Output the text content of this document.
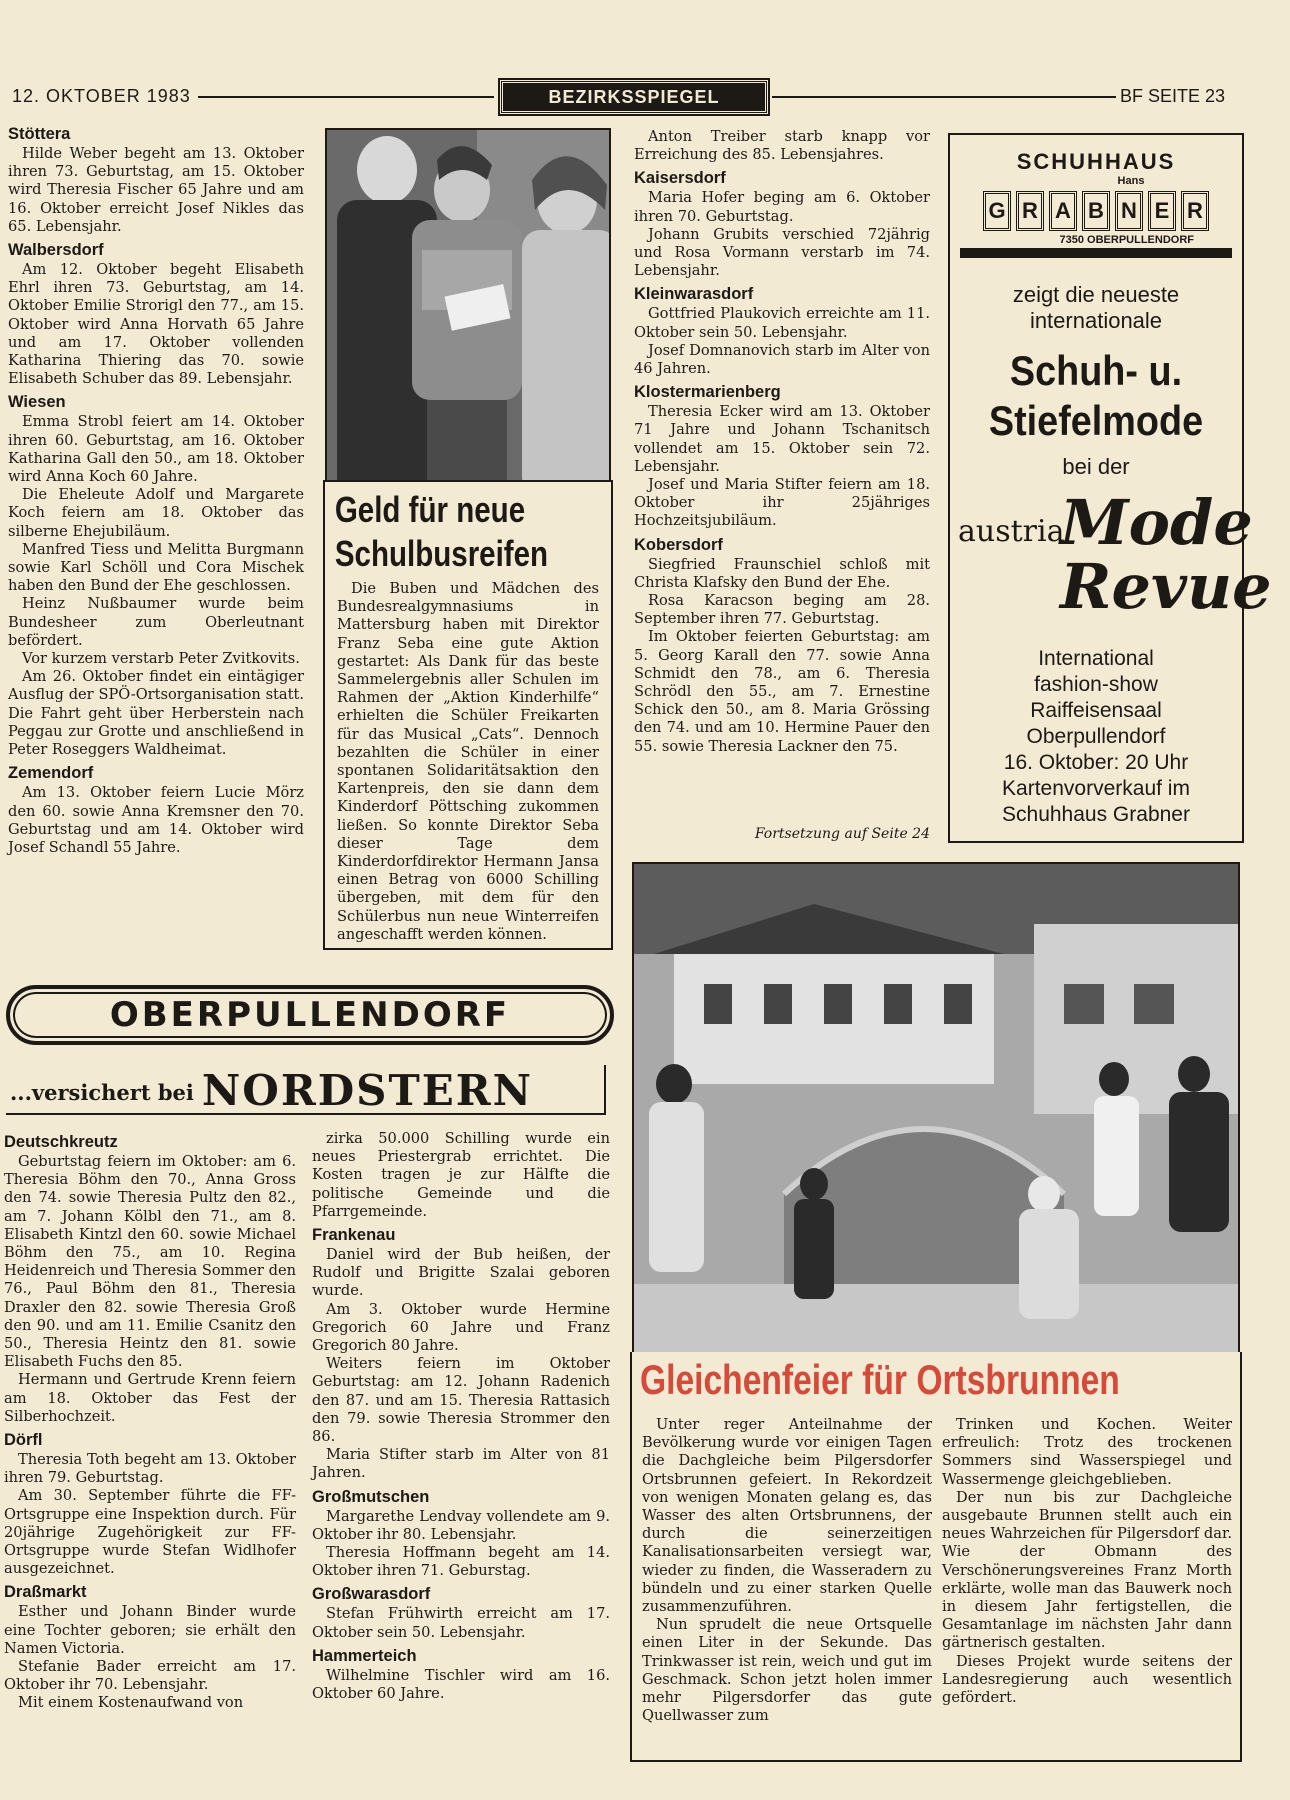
12. OKTOBER 1983	BEZIRKSSPIEGEL	BF SEITE 23
Stöttera

Hilde Weber begeht am 13. Oktober ihren 73. Geburtstag, am 15. Oktober wird Theresia Fischer 65 Jahre und am 16. Oktober erreicht Josef Nikles das 65. Lebensjahr.

Walbersdorf

Am 12. Oktober begeht Elisabeth Ehrl ihren 73. Geburtstag, am 14. Oktober Emilie Strorigl den 77., am 15. Oktober wird Anna Horvath 65 Jahre und am 17. Oktober vollenden Katharina Thiering das 70. sowie Elisabeth Schuber das 89. Lebensjahr.

Wiesen

Emma Strobl feiert am 14. Oktober ihren 60. Geburtstag, am 16. Oktober Katharina Gall den 50., am 18. Oktober wird Anna Koch 60 Jahre.

Die Eheleute Adolf und Margarete Koch feiern am 18. Oktober das silberne Ehejubiläum.

Manfred Tiess und Melitta Burgmann sowie Karl Schöll und Cora Mischek haben den Bund der Ehe geschlossen.

Heinz Nußbaumer wurde beim Bundesheer zum Oberleutnant befördert.

Vor kurzem verstarb Peter Zvitkovits.

Am 26. Oktober findet ein eintägiger Ausflug der SPÖ-Ortsorganisation statt. Die Fahrt geht über Herberstein nach Peggau zur Grotte und anschließend in Peter Roseggers Waldheimat.

Zemendorf

Am 13. Oktober feiern Lucie Mörz den 60. sowie Anna Kremsner den 70. Geburtstag und am 14. Oktober wird Josef Schandl 55 Jahre.

Geld für neue
Schulbusreifen

Die Buben und Mädchen des Bundesrealgymnasiums in Mattersburg haben mit Direktor Franz Seba eine gute Aktion gestartet: Als Dank für das beste Sammelergebnis aller Schulen im Rahmen der „Aktion Kinderhilfe“ erhielten die Schüler Freikarten für das Musical „Cats“. Dennoch bezahlten die Schüler in einer spontanen Solidaritätsaktion den Kartenpreis, den sie dann dem Kinderdorf Pöttsching zukommen ließen. So konnte Direktor Seba dieser Tage dem Kinderdorfdirektor Hermann Jansa einen Betrag von 6000 Schilling übergeben, mit dem für den Schülerbus nun neue Winterreifen angeschafft werden können.

Anton Treiber starb knapp vor Erreichung des 85. Lebensjahres.

Kaisersdorf

Maria Hofer beging am 6. Oktober ihren 70. Geburtstag.

Johann Grubits verschied 72jährig und Rosa Vormann verstarb im 74. Lebensjahr.

Kleinwarasdorf

Gottfried Plaukovich erreichte am 11. Oktober sein 50. Lebensjahr.

Josef Domnanovich starb im Alter von 46 Jahren.

Klostermarienberg

Theresia Ecker wird am 13. Oktober 71 Jahre und Johann Tschanitsch vollendet am 15. Oktober sein 72. Lebensjahr.

Josef und Maria Stifter feiern am 18. Oktober ihr 25jähriges Hochzeitsjubiläum.

Kobersdorf

Siegfried Fraunschiel schloß mit Christa Klafsky den Bund der Ehe.

Rosa Karacson beging am 28. September ihren 77. Geburtstag.

Im Oktober feierten Geburtstag: am 5. Georg Karall den 77. sowie Anna Schmidt den 78., am 6. Theresia Schrödl den 55., am 7. Ernestine Schick den 50., am 8. Maria Grössing den 74. und am 10. Hermine Pauer den 55. sowie Theresia Lackner den 75.

Fortsetzung auf Seite 24
SCHUHHAUS
Hans
G R A B N E R
7350 OBERPULLENDORF
zeigt die neueste
internationale
Schuh- u.
Stiefelmode
bei der
austria
Mode
Revue
International
fashion-show
Raiffeisensaal
Oberpullendorf
16. Oktober: 20 Uhr
Kartenvorverkauf im
Schuhhaus Grabner
OBERPULLENDORF
...versichert bei NORDSTERN
Deutschkreutz

Geburtstag feiern im Oktober: am 6. Theresia Böhm den 70., Anna Gross den 74. sowie Theresia Pultz den 82., am 7. Johann Kölbl den 71., am 8. Elisabeth Kintzl den 60. sowie Michael Böhm den 75., am 10. Regina Heidenreich und Theresia Sommer den 76., Paul Böhm den 81., Theresia Draxler den 82. sowie Theresia Groß den 90. und am 11. Emilie Csanitz den 50., Theresia Heintz den 81. sowie Elisabeth Fuchs den 85.

Hermann und Gertrude Krenn feiern am 18. Oktober das Fest der Silberhochzeit.

Dörfl

Theresia Toth begeht am 13. Oktober ihren 79. Geburtstag.

Am 30. September führte die FF-Ortsgruppe eine Inspektion durch. Für 20jährige Zugehörigkeit zur FF-Ortsgruppe wurde Stefan Widlhofer ausgezeichnet.

Draßmarkt

Esther und Johann Binder wurde eine Tochter geboren; sie erhält den Namen Victoria.

Stefanie Bader erreicht am 17. Oktober ihr 70. Lebensjahr.

Mit einem Kostenaufwand von

zirka 50.000 Schilling wurde ein neues Priestergrab errichtet. Die Kosten tragen je zur Hälfte die politische Gemeinde und die Pfarrgemeinde.

Frankenau

Daniel wird der Bub heißen, der Rudolf und Brigitte Szalai geboren wurde.

Am 3. Oktober wurde Hermine Gregorich 60 Jahre und Franz Gregorich 80 Jahre.

Weiters feiern im Oktober Geburtstag: am 12. Johann Radenich den 87. und am 15. Theresia Rattasich den 79. sowie Theresia Strommer den 86.

Maria Stifter starb im Alter von 81 Jahren.

Großmutschen

Margarethe Lendvay vollendete am 9. Oktober ihr 80. Lebensjahr.

Theresia Hoffmann begeht am 14. Oktober ihren 71. Geburstag.

Großwarasdorf

Stefan Frühwirth erreicht am 17. Oktober sein 50. Lebensjahr.

Hammerteich

Wilhelmine Tischler wird am 16. Oktober 60 Jahre.

Gleichenfeier für Ortsbrunnen

Unter reger Anteilnahme der Bevölkerung wurde vor einigen Tagen die Dachgleiche beim Pilgersdorfer Ortsbrunnen gefeiert. In Rekordzeit von wenigen Monaten gelang es, das Wasser des alten Ortsbrunnens, der durch die seinerzeitigen Kanalisationsarbeiten versiegt war, wieder zu finden, die Wasseradern zu bündeln und zu einer starken Quelle zusammenzuführen.

Nun sprudelt die neue Ortsquelle einen Liter in der Sekunde. Das Trinkwasser ist rein, weich und gut im Geschmack. Schon jetzt holen immer mehr Pilgersdorfer das gute Quellwasser zum

Trinken und Kochen. Weiter erfreulich: Trotz des trockenen Sommers sind Wasserspiegel und Wassermenge gleichgeblieben.

Der nun bis zur Dachgleiche ausgebaute Brunnen stellt auch ein neues Wahrzeichen für Pilgersdorf dar. Wie der Obmann des Verschönerungsvereines Franz Morth erklärte, wolle man das Bauwerk noch in diesem Jahr fertigstellen, die Gesamtanlage im nächsten Jahr dann gärtnerisch gestalten.

Dieses Projekt wurde seitens der Landesregierung auch wesentlich gefördert.
